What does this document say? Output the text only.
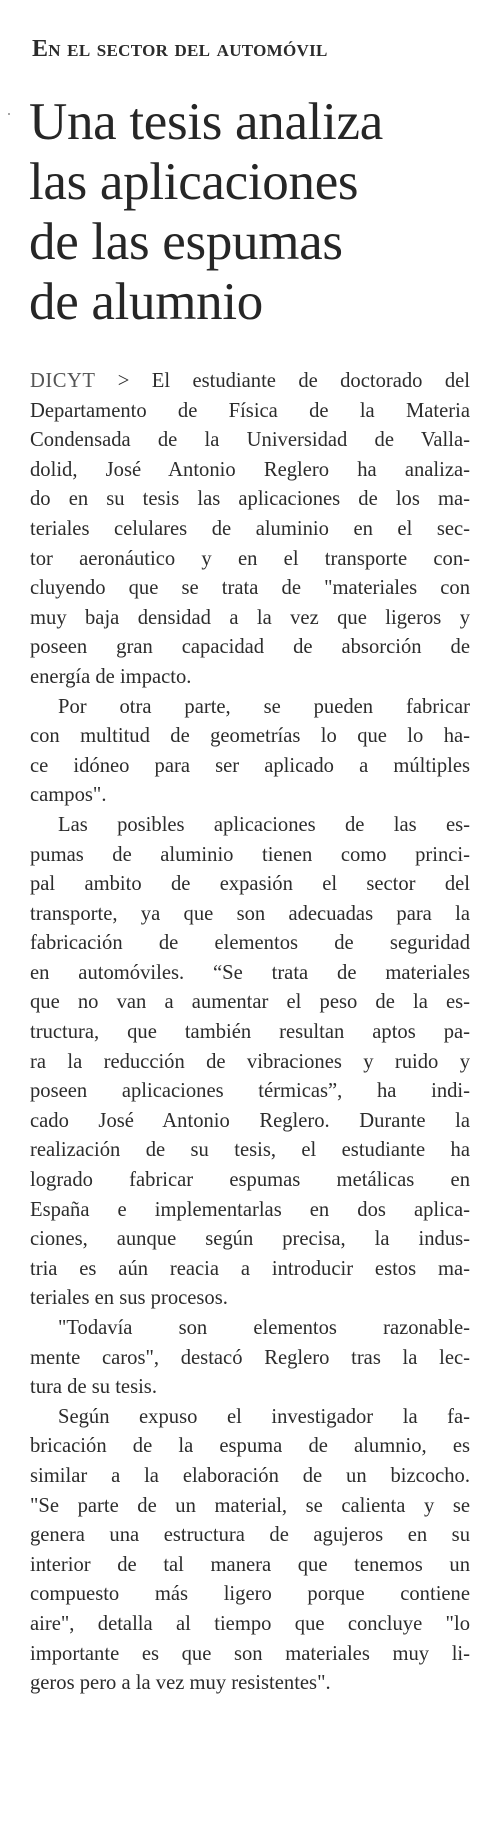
En el sector del automóvil
Una tesis analiza
las aplicaciones
de las espumas
de alumnio
DICYT > El estudiante de doctorado del
Departamento de Física de la Materia
Condensada de la Universidad de Valla-
dolid, José Antonio Reglero ha analiza-
do en su tesis las aplicaciones de los ma-
teriales celulares de aluminio en el sec-
tor aeronáutico y en el transporte con-
cluyendo que se trata de "materiales con
muy baja densidad a la vez que ligeros y
poseen gran capacidad de absorción de
energía de impacto.
Por otra parte, se pueden fabricar
con multitud de geometrías lo que lo ha-
ce idóneo para ser aplicado a múltiples
campos".
Las posibles aplicaciones de las es-
pumas de aluminio tienen como princi-
pal ambito de expasión el sector del
transporte, ya que son adecuadas para la
fabricación de elementos de seguridad
en automóviles. “Se trata de materiales
que no van a aumentar el peso de la es-
tructura, que también resultan aptos pa-
ra la reducción de vibraciones y ruido y
poseen aplicaciones térmicas”, ha indi-
cado José Antonio Reglero. Durante la
realización de su tesis, el estudiante ha
logrado fabricar espumas metálicas en
España e implementarlas en dos aplica-
ciones, aunque según precisa, la indus-
tria es aún reacia a introducir estos ma-
teriales en sus procesos.
"Todavía son elementos razonable-
mente caros", destacó Reglero tras la lec-
tura de su tesis.
Según expuso el investigador la fa-
bricación de la espuma de alumnio, es
similar a la elaboración de un bizcocho.
"Se parte de un material, se calienta y se
genera una estructura de agujeros en su
interior de tal manera que tenemos un
compuesto más ligero porque contiene
aire", detalla al tiempo que concluye "lo
importante es que son materiales muy li-
geros pero a la vez muy resistentes".
